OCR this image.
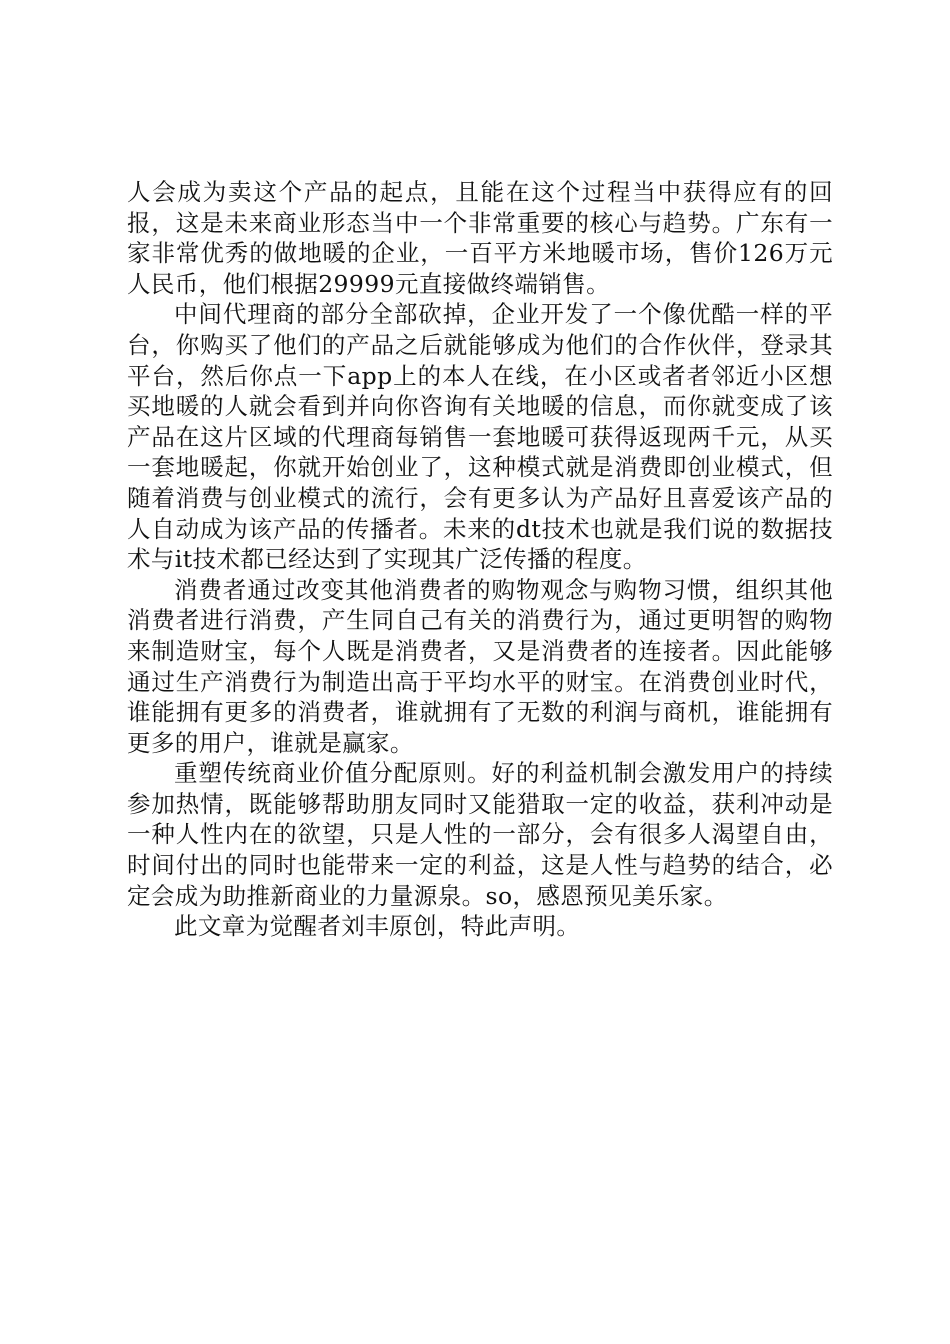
人会成为卖这个产品的起点，且能在这个过程当中获得应有的回报，这是未来商业形态当中一个非常重要的核心与趋势。广东有一家非常优秀的做地暖的企业，一百平方米地暖市场，售价126万元人民币，他们根据29999元直接做终端销售。

中间代理商的部分全部砍掉，企业开发了一个像优酷一样的平台，你购买了他们的产品之后就能够成为他们的合作伙伴，登录其平台，然后你点一下app上的本人在线，在小区或者者邻近小区想买地暖的人就会看到并向你咨询有关地暖的信息，而你就变成了该产品在这片区域的代理商每销售一套地暖可获得返现两千元，从买一套地暖起，你就开始创业了，这种模式就是消费即创业模式，但随着消费与创业模式的流行，会有更多认为产品好且喜爱该产品的人自动成为该产品的传播者。未来的dt技术也就是我们说的数据技术与it技术都已经达到了实现其广泛传播的程度。

消费者通过改变其他消费者的购物观念与购物习惯，组织其他消费者进行消费，产生同自己有关的消费行为，通过更明智的购物来制造财宝，每个人既是消费者，又是消费者的连接者。因此能够通过生产消费行为制造出高于平均水平的财宝。在消费创业时代，谁能拥有更多的消费者，谁就拥有了无数的利润与商机，谁能拥有更多的用户，谁就是赢家。

重塑传统商业价值分配原则。好的利益机制会激发用户的持续参加热情，既能够帮助朋友同时又能猎取一定的收益，获利冲动是一种人性内在的欲望，只是人性的一部分，会有很多人渴望自由，时间付出的同时也能带来一定的利益，这是人性与趋势的结合，必定会成为助推新商业的力量源泉。so，感恩预见美乐家。

此文章为觉醒者刘丰原创，特此声明。
